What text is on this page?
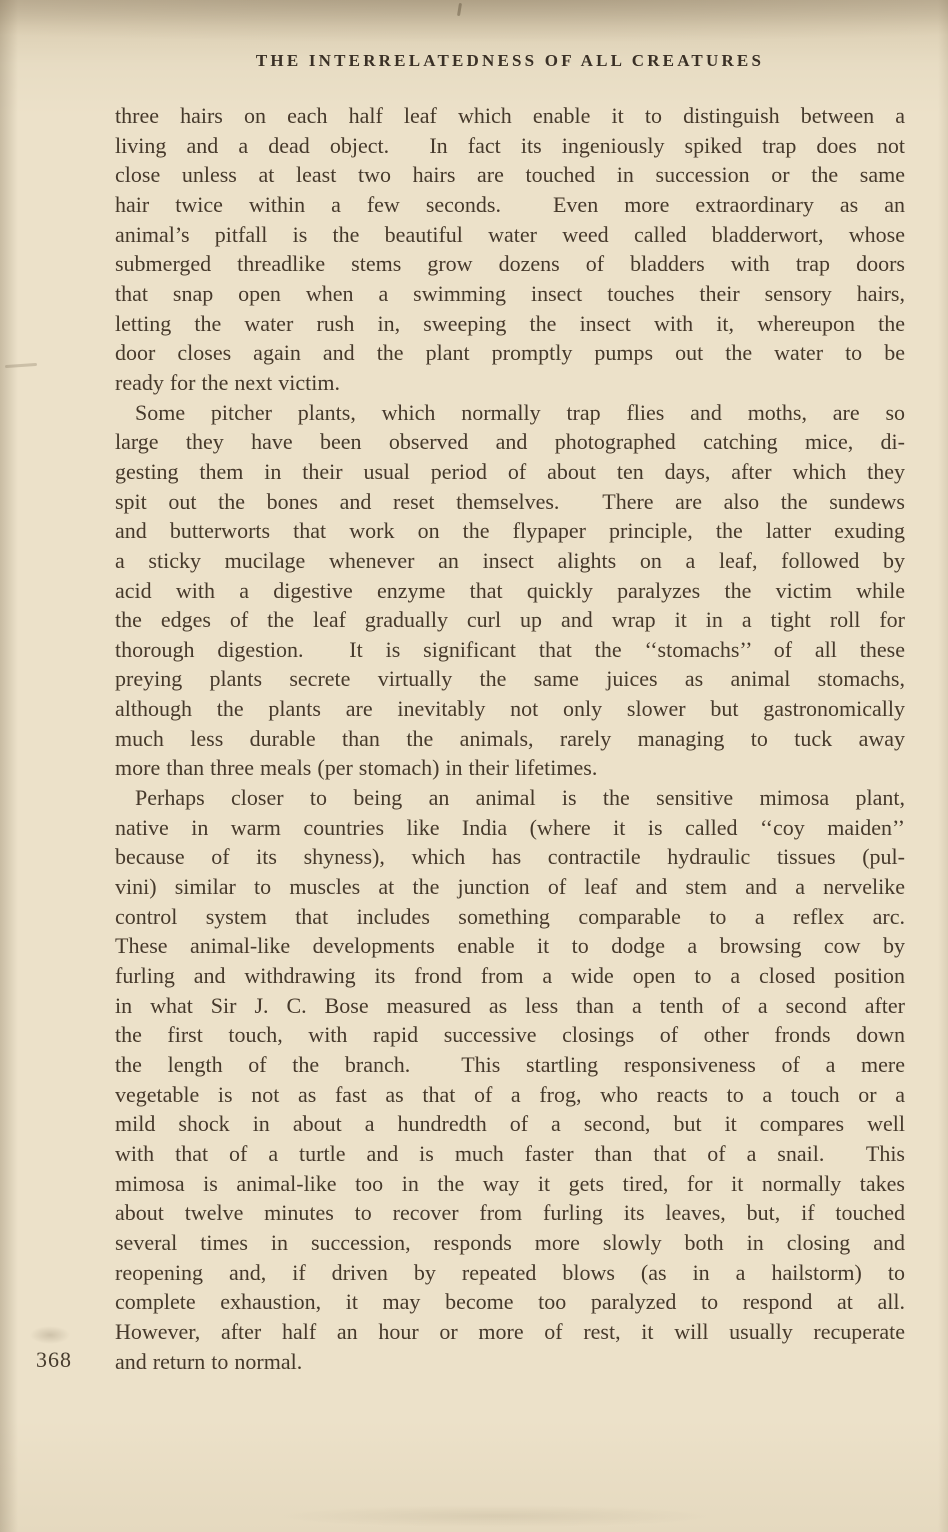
THE INTERRELATEDNESS OF ALL CREATURES
three hairs on each half leaf which enable it to distinguish between a
living and a dead object.  In fact its ingeniously spiked trap does not
close unless at least two hairs are touched in succession or the same
hair twice within a few seconds.  Even more extraordinary as an
animal’s pitfall is the beautiful water weed called bladderwort, whose
submerged threadlike stems grow dozens of bladders with trap doors
that snap open when a swimming insect touches their sensory hairs,
letting the water rush in, sweeping the insect with it, whereupon the
door closes again and the plant promptly pumps out the water to be
ready for the next victim.
Some pitcher plants, which normally trap flies and moths, are so
large they have been observed and photographed catching mice, di-
gesting them in their usual period of about ten days, after which they
spit out the bones and reset themselves.  There are also the sundews
and butterworts that work on the flypaper principle, the latter exuding
a sticky mucilage whenever an insect alights on a leaf, followed by
acid with a digestive enzyme that quickly paralyzes the victim while
the edges of the leaf gradually curl up and wrap it in a tight roll for
thorough digestion.  It is significant that the ‘‘stomachs’’ of all these
preying plants secrete virtually the same juices as animal stomachs,
although the plants are inevitably not only slower but gastronomically
much less durable than the animals, rarely managing to tuck away
more than three meals (per stomach) in their lifetimes.
Perhaps closer to being an animal is the sensitive mimosa plant,
native in warm countries like India (where it is called ‘‘coy maiden’’
because of its shyness), which has contractile hydraulic tissues (pul-
vini) similar to muscles at the junction of leaf and stem and a nervelike
control system that includes something comparable to a reflex arc.
These animal-like developments enable it to dodge a browsing cow by
furling and withdrawing its frond from a wide open to a closed position
in what Sir J. C. Bose measured as less than a tenth of a second after
the first touch, with rapid successive closings of other fronds down
the length of the branch.  This startling responsiveness of a mere
vegetable is not as fast as that of a frog, who reacts to a touch or a
mild shock in about a hundredth of a second, but it compares well
with that of a turtle and is much faster than that of a snail.  This
mimosa is animal-like too in the way it gets tired, for it normally takes
about twelve minutes to recover from furling its leaves, but, if touched
several times in succession, responds more slowly both in closing and
reopening and, if driven by repeated blows (as in a hailstorm) to
complete exhaustion, it may become too paralyzed to respond at all.
However, after half an hour or more of rest, it will usually recuperate
and return to normal.
368
